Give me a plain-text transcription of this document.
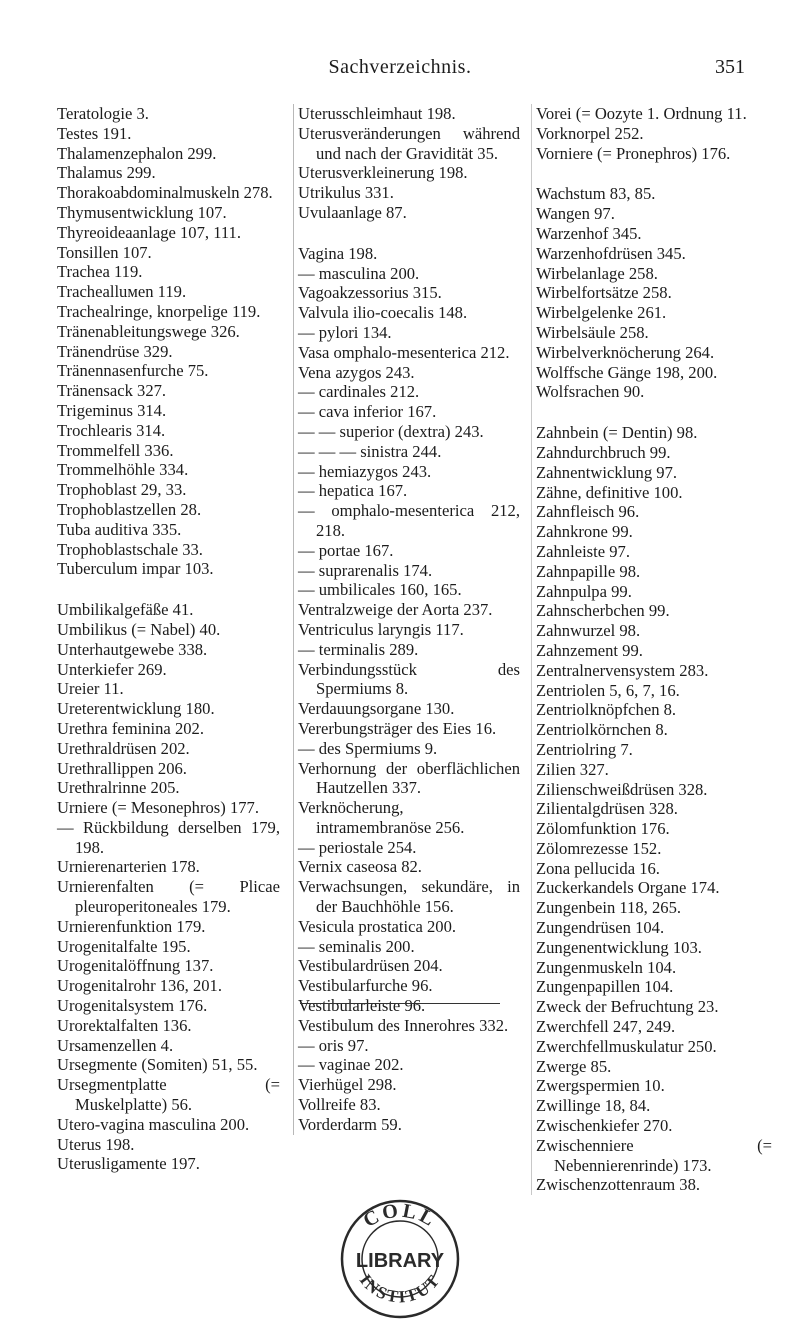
Sachverzeichnis.	351
Teratologie 3.
Testes 191.
Thalamenzephalon 299.
Thalamus 299.
Thorakoabdominalmuskeln 278.
Thymusentwicklung 107.
Thyreoideaanlage 107, 111.
Tonsillen 107.
Trachea 119.
Trachealluмen 119.
Trachealringe, knorpelige 119.
Tränenableitungswege 326.
Tränendrüse 329.
Tränennasenfurche 75.
Tränensack 327.
Trigeminus 314.
Trochlearis 314.
Trommelfell 336.
Trommelhöhle 334.
Trophoblast 29, 33.
Trophoblastzellen 28.
Tuba auditiva 335.
Trophoblastschale 33.
Tuberculum impar 103.
Umbilikalgefäße 41.
Umbilikus (= Nabel) 40.
Unterhautgewebe 338.
Unterkiefer 269.
Ureier 11.
Ureterentwicklung 180.
Urethra feminina 202.
Urethraldrüsen 202.
Urethrallippen 206.
Urethralrinne 205.
Urniere (= Mesonephros) 177.
— Rückbildung derselben 179, 198.
Urnierenarterien 178.
Urnierenfalten (= Plicae pleuroperitoneales 179.
Urnierenfunktion 179.
Urogenitalfalte 195.
Urogenitalöffnung 137.
Urogenitalrohr 136, 201.
Urogenitalsystem 176.
Urorektalfalten 136.
Ursamenzellen 4.
Ursegmente (Somiten) 51, 55.
Ursegmentplatte (= Muskelplatte) 56.
Utero-vagina masculina 200.
Uterus 198.
Uterusligamente 197.
Uterusschleimhaut 198.
Uterusveränderungen während und nach der Gravidität 35.
Uterusverkleinerung 198.
Utrikulus 331.
Uvulaanlage 87.
Vagina 198.
— masculina 200.
Vagoakzessorius 315.
Valvula ilio-coecalis 148.
— pylori 134.
Vasa omphalo-mesenterica 212.
Vena azygos 243.
— cardinales 212.
— cava inferior 167.
— — superior (dextra) 243.
— — — sinistra 244.
— hemiazygos 243.
— hepatica 167.
— omphalo-mesenterica 212, 218.
— portae 167.
— suprarenalis 174.
— umbilicales 160, 165.
Ventralzweige der Aorta 237.
Ventriculus laryngis 117.
— terminalis 289.
Verbindungsstück des Spermiums 8.
Verdauungsorgane 130.
Vererbungsträger des Eies 16.
— des Spermiums 9.
Verhornung der oberflächlichen Hautzellen 337.
Verknöcherung, intramembranöse 256.
— periostale 254.
Vernix caseosa 82.
Verwachsungen, sekundäre, in der Bauchhöhle 156.
Vesicula prostatica 200.
— seminalis 200.
Vestibulardrüsen 204.
Vestibularfurche 96.
Vestibularleiste 96.
Vestibulum des Innerohres 332.
— oris 97.
— vaginae 202.
Vierhügel 298.
Vollreife 83.
Vorderdarm 59.
Vorei (= Oozyte 1. Ordnung 11.
Vorknorpel 252.
Vorniere (= Pronephros) 176.
Wachstum 83, 85.
Wangen 97.
Warzenhof 345.
Warzenhofdrüsen 345.
Wirbelanlage 258.
Wirbelfortsätze 258.
Wirbelgelenke 261.
Wirbelsäule 258.
Wirbelverknöcherung 264.
Wolffsche Gänge 198, 200.
Wolfsrachen 90.
Zahnbein (= Dentin) 98.
Zahndurchbruch 99.
Zahnentwicklung 97.
Zähne, definitive 100.
Zahnfleisch 96.
Zahnkrone 99.
Zahnleiste 97.
Zahnpapille 98.
Zahnpulpa 99.
Zahnscherbchen 99.
Zahnwurzel 98.
Zahnzement 99.
Zentralnervensystem 283.
Zentriolen 5, 6, 7, 16.
Zentriolknöpfchen 8.
Zentriolkörnchen 8.
Zentriolring 7.
Zilien 327.
Zilienschweißdrüsen 328.
Zilientalgdrüsen 328.
Zölomfunktion 176.
Zölomrezesse 152.
Zona pellucida 16.
Zuckerkandels Organe 174.
Zungenbein 118, 265.
Zungendrüsen 104.
Zungenentwicklung 103.
Zungenmuskeln 104.
Zungenpapillen 104.
Zweck der Befruchtung 23.
Zwerchfell 247, 249.
Zwerchfellmuskulatur 250.
Zwerge 85.
Zwergspermien 10.
Zwillinge 18, 84.
Zwischenkiefer 270.
Zwischenniere (= Nebennierenrinde) 173.
Zwischenzottenraum 38.
COLL
LIBRARY
INSTITUT
